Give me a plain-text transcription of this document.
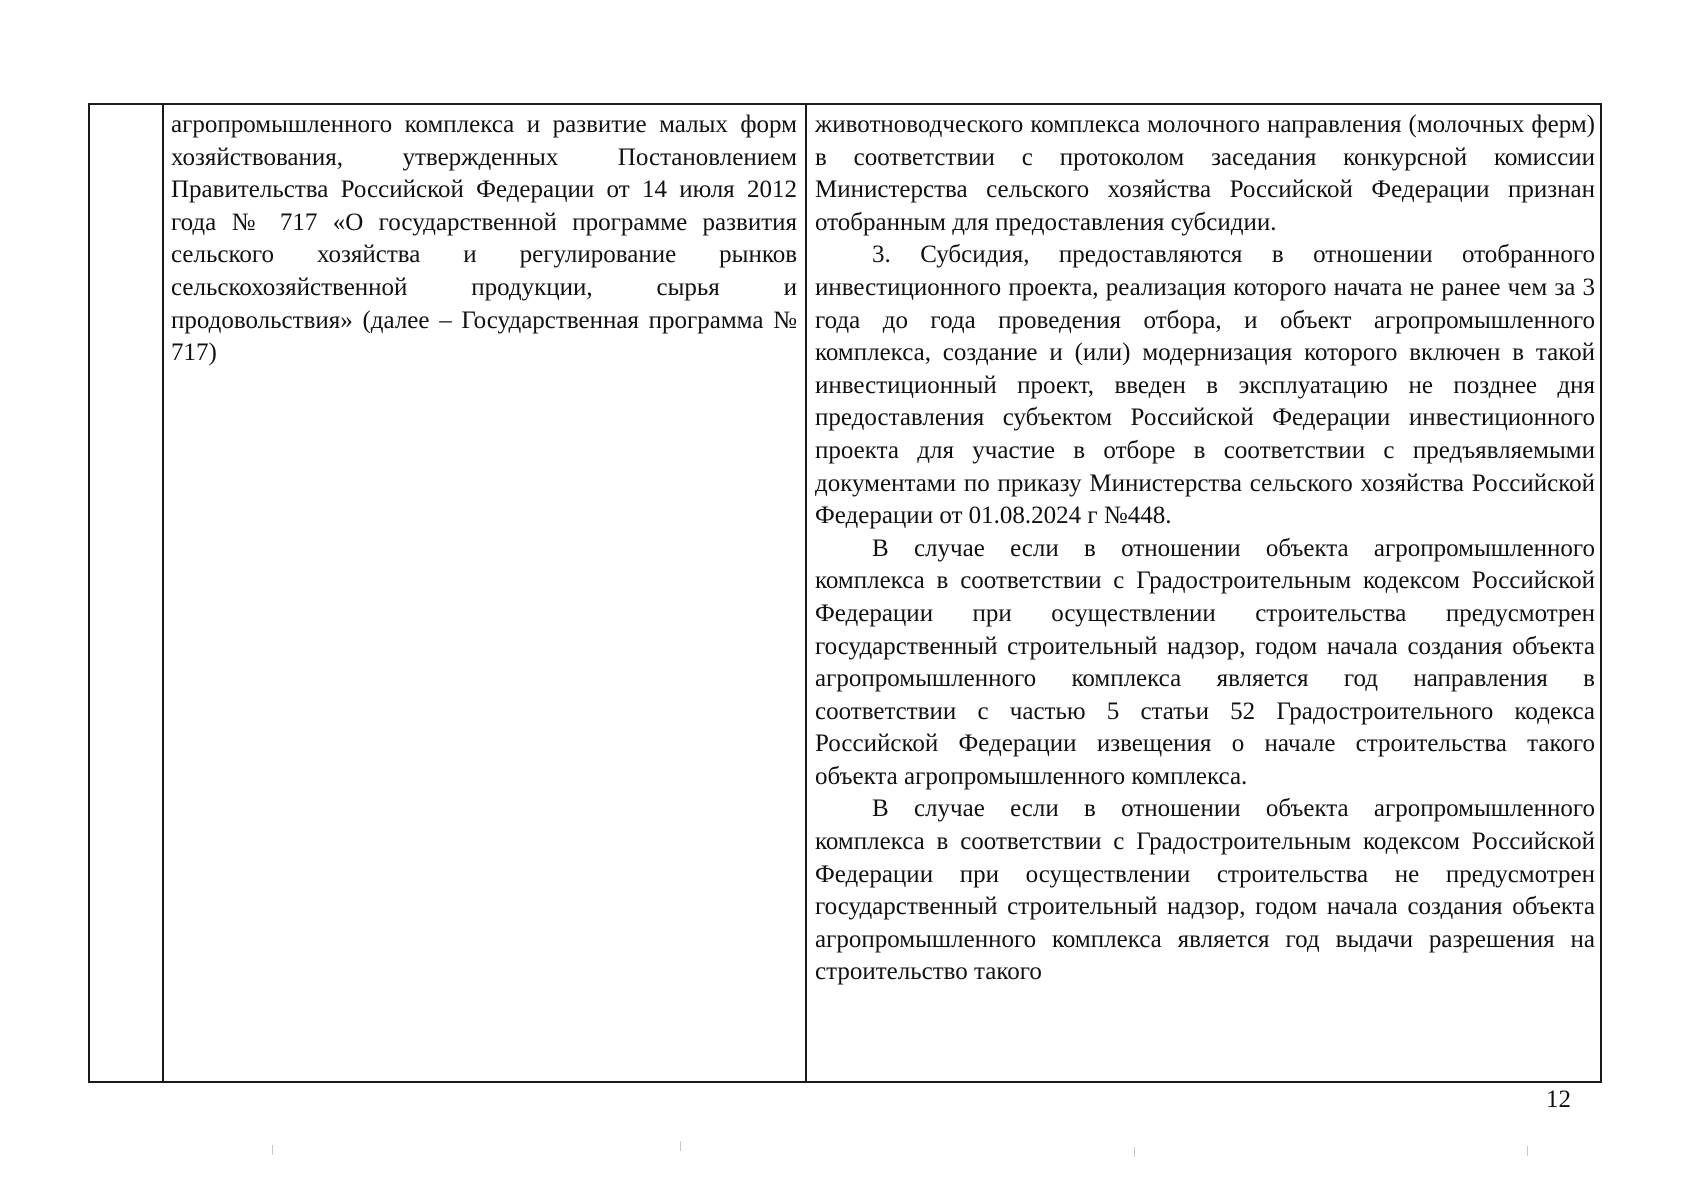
агропромышленного комплекса и развитие малых форм хозяйствования, утвержденных Постановлением Правительства Российской Федерации от 14 июля 2012 года № 717 «О государственной программе развития сельского хозяйства и регулирование рынков сельскохозяйственной продукции, сырья и продовольствия» (далее – Государственная программа № 717)

животноводческого комплекса молочного направления (молочных ферм) в соответствии с протоколом заседания конкурсной комиссии Министерства сельского хозяйства Российской Федерации признан отобранным для предоставления субсидии.

3. Субсидия, предоставляются в отношении отобранного инвестиционного проекта, реализация которого начата не ранее чем за 3 года до года проведения отбора, и объект агропромышленного комплекса, создание и (или) модернизация которого включен в такой инвестиционный проект, введен в эксплуатацию не позднее дня предоставления субъектом Российской Федерации инвестиционного проекта для участие в отборе в соответствии с предъявляемыми документами по приказу Министерства сельского хозяйства Российской Федерации от 01.08.2024 г №448.

В случае если в отношении объекта агропромышленного комплекса в соответствии с Градостроительным кодексом Российской Федерации при осуществлении строительства предусмотрен государственный строительный надзор, годом начала создания объекта агропромышленного комплекса является год направления в соответствии с частью 5 статьи 52 Градостроительного кодекса Российской Федерации извещения о начале строительства такого объекта агропромышленного комплекса.

В случае если в отношении объекта агропромышленного комплекса в соответствии с Градостроительным кодексом Российской Федерации при осуществлении строительства не предусмотрен государственный строительный надзор, годом начала создания объекта агропромышленного комплекса является год выдачи разрешения на строительство такого

12
